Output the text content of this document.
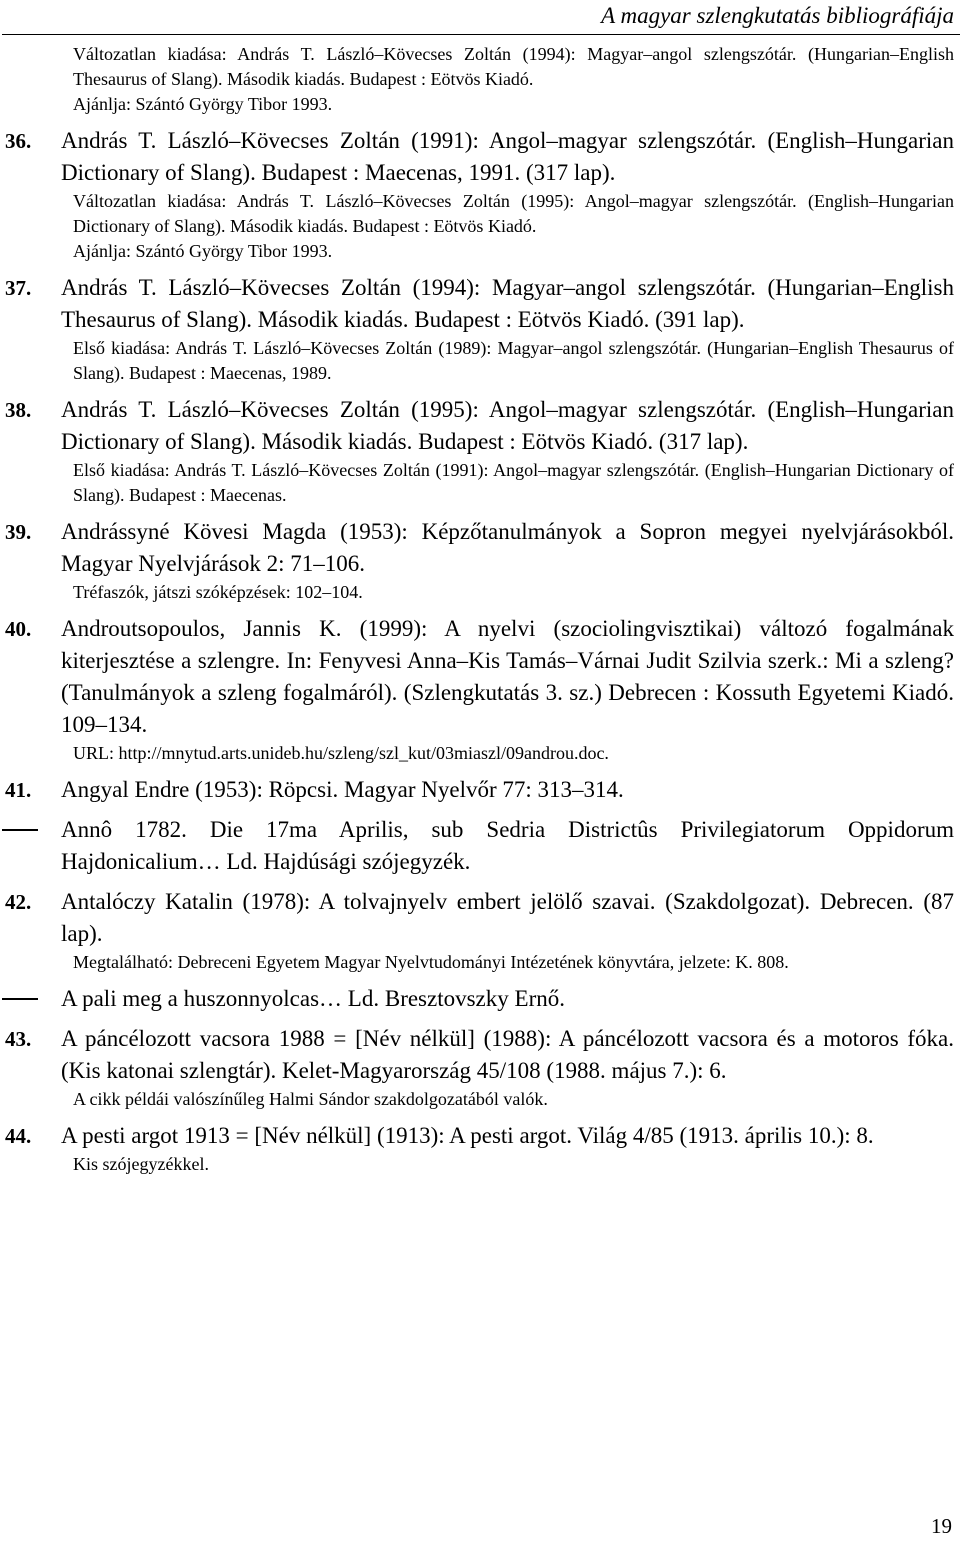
A magyar szlengkutatás bibliográfiája
Változatlan kiadása: András T. László–Kövecses Zoltán (1994): Magyar–angol szlengszótár. (Hungarian–English Thesaurus of Slang). Második kiadás. Budapest : Eötvös Kiadó.
Ajánlja: Szántó György Tibor 1993.
36. András T. László–Kövecses Zoltán (1991): Angol–magyar szlengszótár. (English–Hungarian Dictionary of Slang). Budapest : Maecenas, 1991. (317 lap).
Változatlan kiadása: András T. László–Kövecses Zoltán (1995): Angol–magyar szlengszótár. (English–Hungarian Dictionary of Slang). Második kiadás. Budapest : Eötvös Kiadó.
Ajánlja: Szántó György Tibor 1993.
37. András T. László–Kövecses Zoltán (1994): Magyar–angol szlengszótár. (Hungarian–English Thesaurus of Slang). Második kiadás. Budapest : Eötvös Kiadó. (391 lap).
Első kiadása: András T. László–Kövecses Zoltán (1989): Magyar–angol szlengszótár. (Hungarian–English Thesaurus of Slang). Budapest : Maecenas, 1989.
38. András T. László–Kövecses Zoltán (1995): Angol–magyar szlengszótár. (English–Hungarian Dictionary of Slang). Második kiadás. Budapest : Eötvös Kiadó. (317 lap).
Első kiadása: András T. László–Kövecses Zoltán (1991): Angol–magyar szlengszótár. (English–Hungarian Dictionary of Slang). Budapest : Maecenas.
39. Andrássyné Kövesi Magda (1953): Képzőtanulmányok a Sopron megyei nyelvjárásokból. Magyar Nyelvjárások 2: 71–106.
Tréfaszók, játszi szóképzések: 102–104.
40. Androutsopoulos, Jannis K. (1999): A nyelvi (szociolingvisztikai) változó fogalmának kiterjesztése a szlengre. In: Fenyvesi Anna–Kis Tamás–Várnai Judit Szilvia szerk.: Mi a szleng? (Tanulmányok a szleng fogalmáról). (Szlengkutatás 3. sz.) Debrecen : Kossuth Egyetemi Kiadó. 109–134.
URL: http://mnytud.arts.unideb.hu/szleng/szl_kut/03miaszl/09androu.doc.
41. Angyal Endre (1953): Röpcsi. Magyar Nyelvőr 77: 313–314.
Annô 1782. Die 17ma Aprilis, sub Sedria Districtûs Privilegiatorum Oppidorum Hajdonicalium… Ld. Hajdúsági szójegyzék.
42. Antalóczy Katalin (1978): A tolvajnyelv embert jelölő szavai. (Szakdolgozat). Debrecen. (87 lap).
Megtalálható: Debreceni Egyetem Magyar Nyelvtudományi Intézetének könyvtára, jelzete: K. 808.
A pali meg a huszonnyolcas… Ld. Bresztovszky Ernő.
43. A páncélozott vacsora 1988 = [Név nélkül] (1988): A páncélozott vacsora és a motoros fóka. (Kis katonai szlengtár). Kelet-Magyarország 45/108 (1988. május 7.): 6.
A cikk példái valószínűleg Halmi Sándor szakdolgozatából valók.
44. A pesti argot 1913 = [Név nélkül] (1913): A pesti argot. Világ 4/85 (1913. április 10.): 8.
Kis szójegyzékkel.
19
